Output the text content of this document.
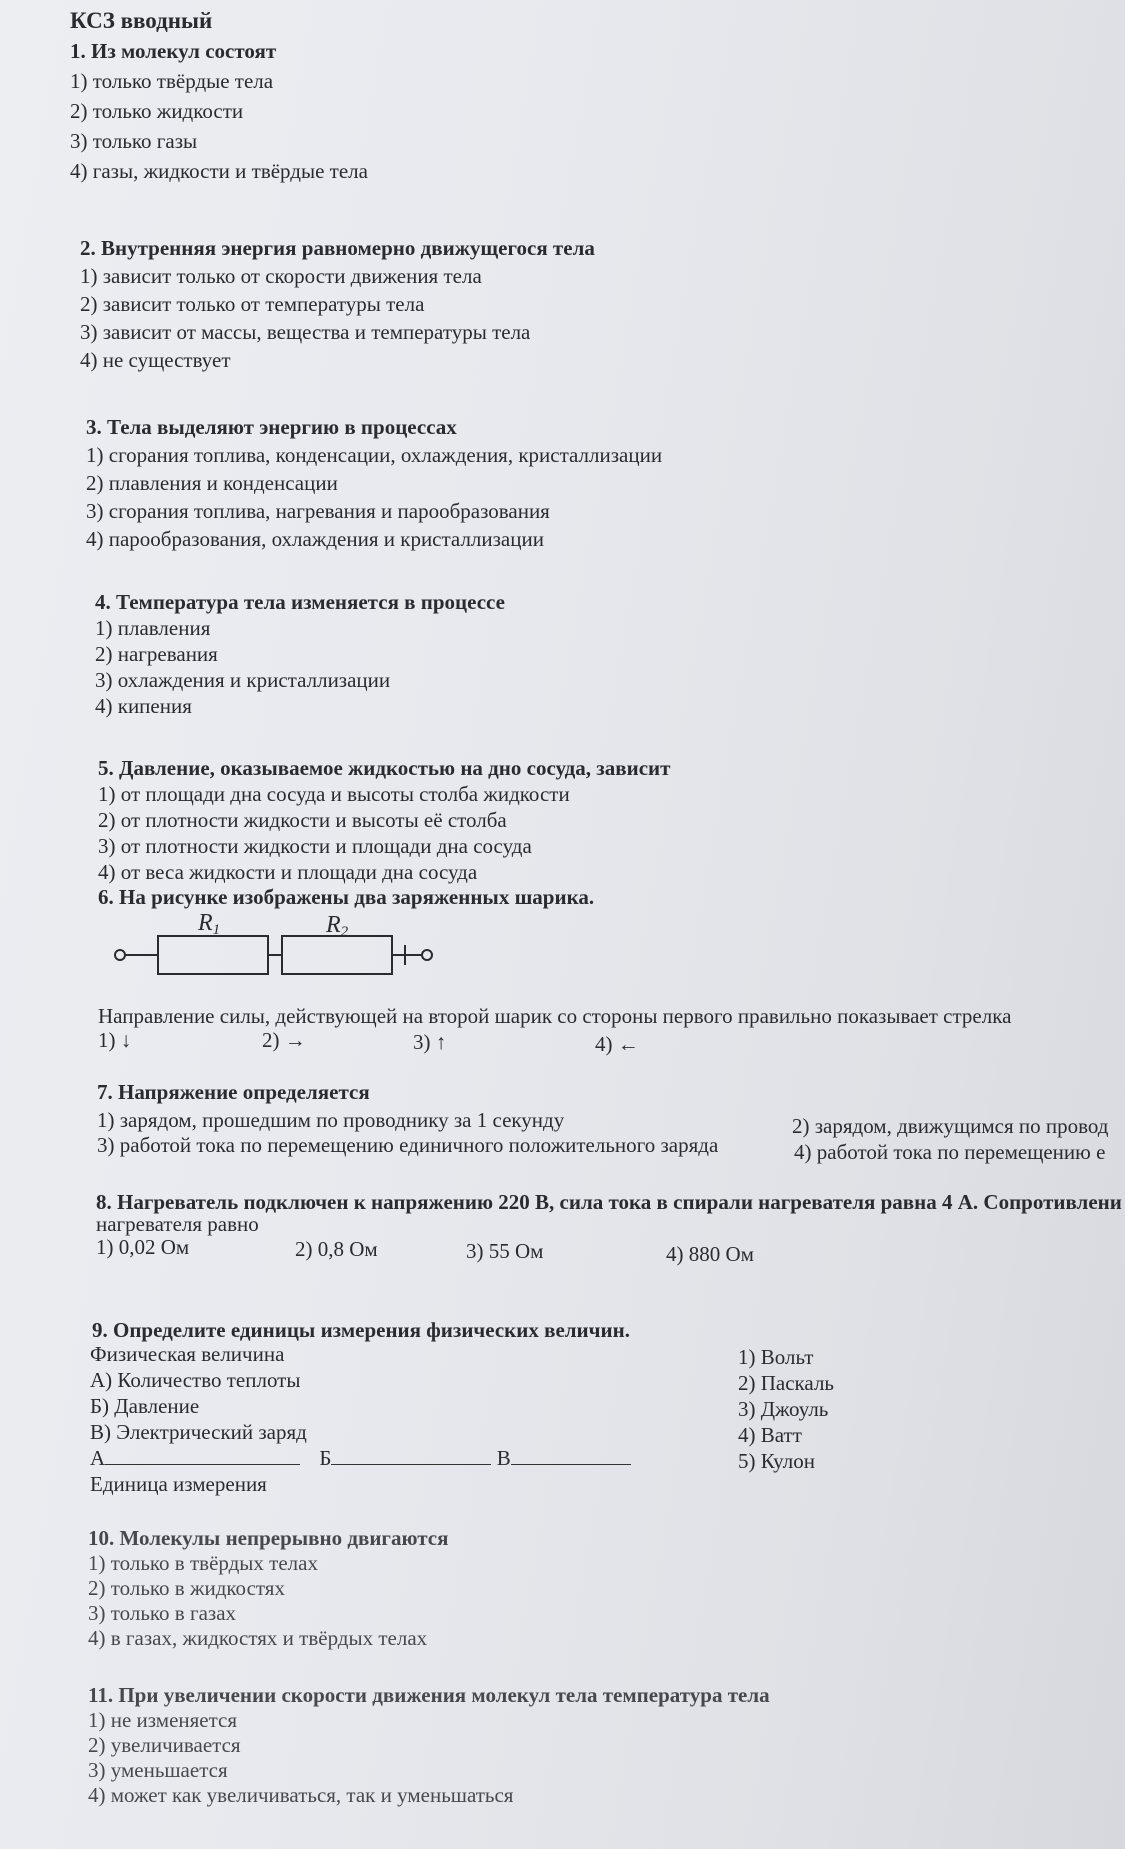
КСЗ вводный
1. Из молекул состоят
1) только твёрдые тела
2) только жидкости
3) только газы
4) газы, жидкости и твёрдые тела
2. Внутренняя энергия равномерно движущегося тела
1) зависит только от скорости движения тела
2) зависит только от температуры тела
3) зависит от массы, вещества и температуры тела
4) не существует
3. Тела выделяют энергию в процессах
1) сгорания топлива, конденсации, охлаждения, кристаллизации
2) плавления и конденсации
3) сгорания топлива, нагревания и парообразования
4) парообразования, охлаждения и кристаллизации
4. Температура тела изменяется в процессе
1) плавления
2) нагревания
3) охлаждения и кристаллизации
4) кипения
5. Давление, оказываемое жидкостью на дно сосуда, зависит
1) от площади дна сосуда и высоты столба жидкости
2) от плотности жидкости и высоты её столба
3) от плотности жидкости и площади дна сосуда
4) от веса жидкости и площади дна сосуда
6. На рисунке изображены два заряженных шарика.
R1	R2
Направление силы, действующей на второй шарик со стороны первого правильно показывает стрелка
1) ↓	2) →	3) ↑	4) ←
7. Напряжение определяется
1) зарядом, прошедшим по проводнику за 1 секунду	2) зарядом, движущимся по провод
3) работой тока по перемещению единичного положительного заряда	4) работой тока по перемещению е
8. Нагреватель подключен к напряжению 220 В, сила тока в спирали нагревателя равна 4 А. Сопротивлени
нагревателя равно
1) 0,02 Ом	2) 0,8 Ом	3) 55 Ом	4) 880 Ом
9. Определите единицы измерения физических величин.
Физическая величина
А) Количество теплоты
Б) Давление
В) Электрический заряд
А	Б	В
Единица измерения
1) Вольт
2) Паскаль
3) Джоуль
4) Ватт
5) Кулон
10. Молекулы непрерывно двигаются
1) только в твёрдых телах
2) только в жидкостях
3) только в газах
4) в газах, жидкостях и твёрдых телах
11. При увеличении скорости движения молекул тела температура тела
1) не изменяется
2) увеличивается
3) уменьшается
4) может как увеличиваться, так и уменьшаться
